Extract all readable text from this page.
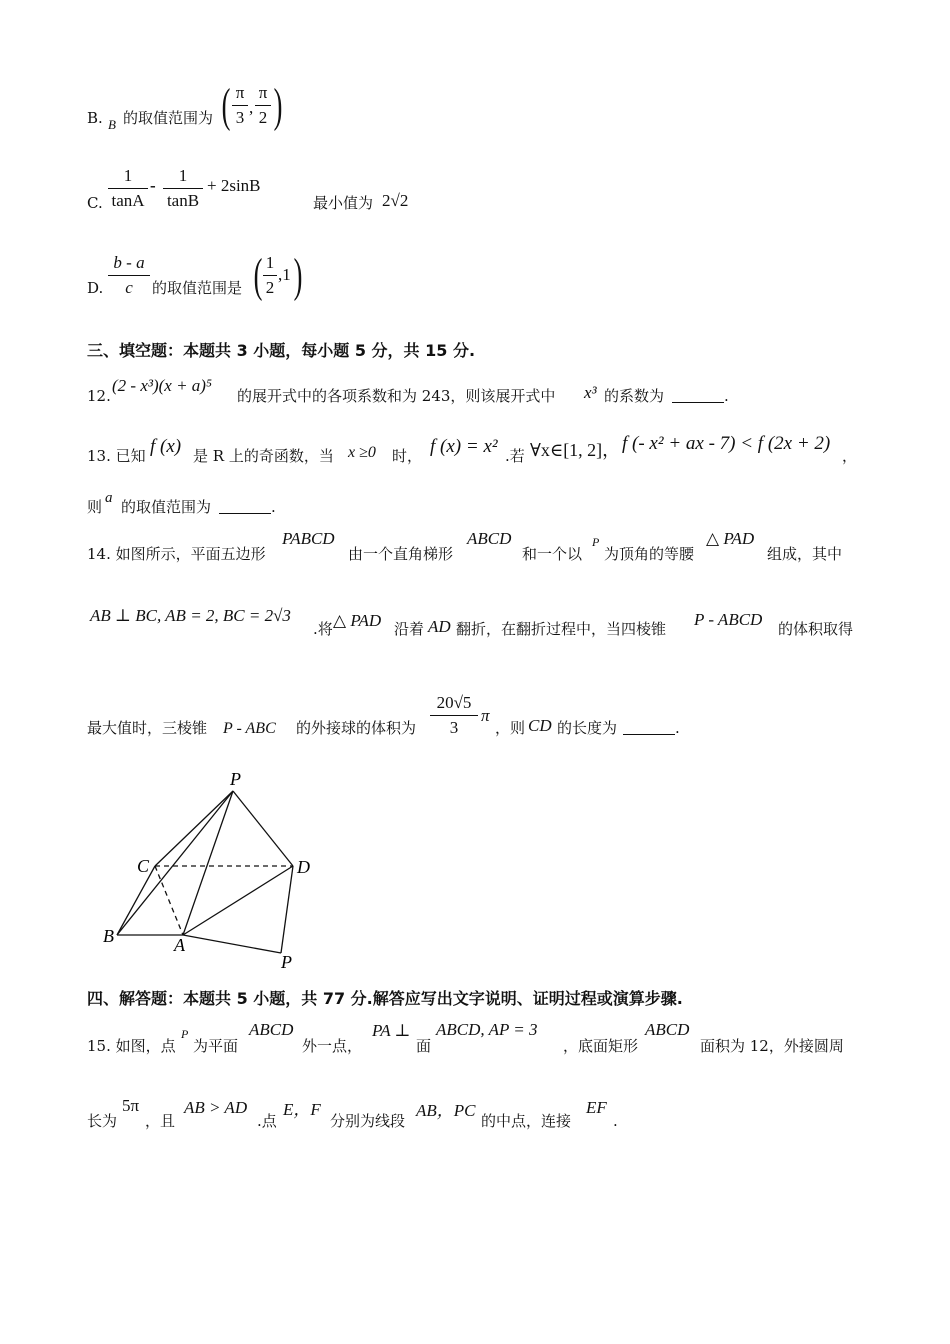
B. B 的取值范围为 ( π
3
,
π
2 )
C.
1
tanA
-
1
tanB
+ 2sinB
最小值为 2√2
D.
b - a
c	的取值范围是 ( 1
2
,1 )
三、填空题：本题共 3 小题，每小题 5 分，共 15 分.
12.
(2 - x³)(x + a)⁵
的展开式中的各项系数和为 243，则该展开式中 x³ 的系数为	.
13. 已知 f (x) 是 R 上的奇函数，当 x ≥0 时， f (x) = x² .若 ∀x∈[1, 2]， f (- x² + ax - 7) < f (2x + 2)
，
则 a 的取值范围为	.
14. 如图所示，平面五边形
PABCD
由一个直角梯形
ABCD
和一个以
P
为顶角的等腰
△ PAD
组成，其中
AB ⊥ BC, AB = 2, BC = 2√3
.将 △ PAD 沿着 AD 翻折，在翻折过程中，当四棱锥 P - ABCD 的体积取得
最大值时，三棱锥 P - ABC 的外接球的体积为
20√5
3
π
，则 CD 的长度为	.
P
C	D
B	A
P
四、解答题：本题共 5 小题，共 77 分.解答应写出文字说明、证明过程或演算步骤.
15. 如图，点
P
为平面
ABCD
外一点，
PA ⊥
面
ABCD, AP = 3
，底面矩形
ABCD
面积为 12，外接圆周
长为
5π
，且
AB > AD
.点
E，F
分别为线段
AB，PC
的中点，连接
EF
.
